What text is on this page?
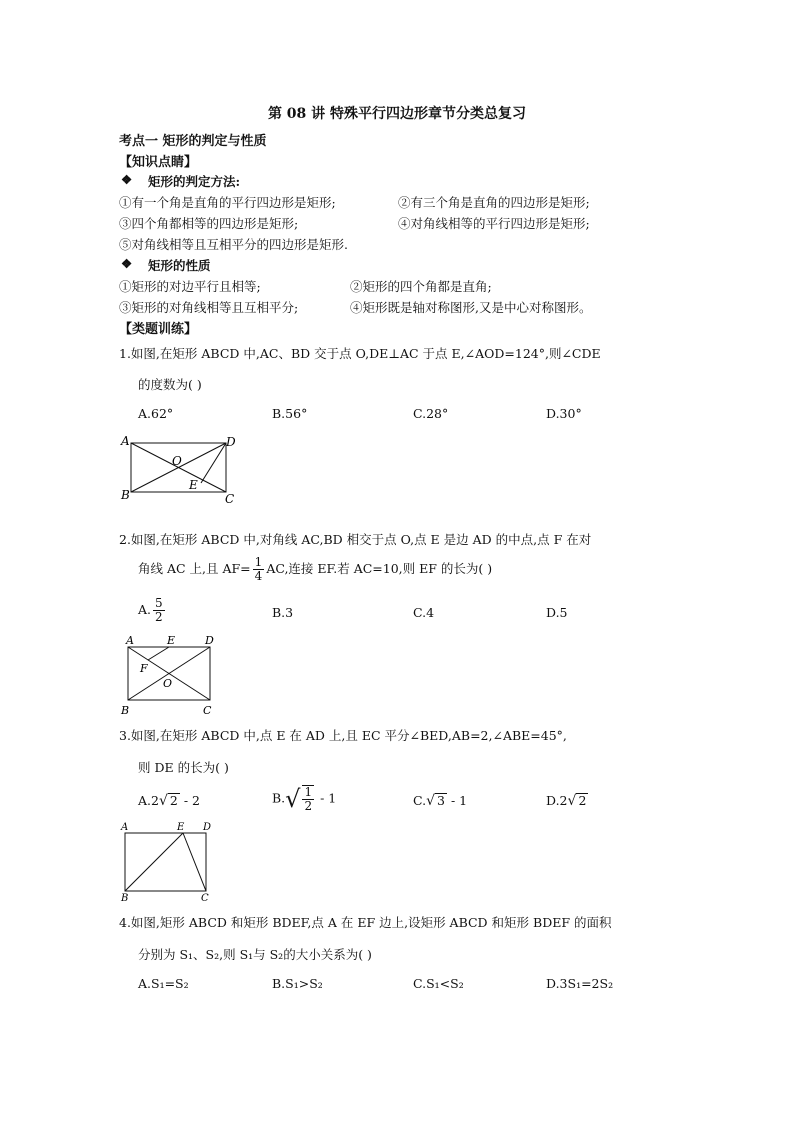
第 08 讲 特殊平行四边形章节分类总复习
考点一 矩形的判定与性质
【知识点睛】
❖ 矩形的判定方法:
①有一个角是直角的平行四边形是矩形;	②有三个角是直角的四边形是矩形;
③四个角都相等的四边形是矩形;	④对角线相等的平行四边形是矩形;
⑤对角线相等且互相平分的四边形是矩形.
❖ 矩形的性质
①矩形的对边平行且相等;	②矩形的四个角都是直角;
③矩形的对角线相等且互相平分;	④矩形既是轴对称图形,又是中心对称图形。
【类题训练】
1.如图,在矩形 ABCD 中,AC、BD 交于点 O,DE⊥AC 于点 E,∠AOD=124°,则∠CDE
的度数为( )
A.62°	B.56°	C.28°	D.30°
A	D
O
E
B	C
2.如图,在矩形 ABCD 中,对角线 AC,BD 相交于点 O,点 E 是边 AD 的中点,点 F 在对
角线 AC 上,且 $AF= \frac{1}{4}$ AC,连接 EF.若 AC=10,则 EF 的长为( )
A. $\frac{5}{2}$	B.3	C.4	D.5
A	E	D
F
O
B	C
3.如图,在矩形 ABCD 中,点 E 在 AD 上,且 EC 平分∠BED,AB=2,∠ABE=45°,
则 DE 的长为( )
A.2√ 2 - 2	$B.√ \frac{1}{2} - 1$	C.√ 3 - 1	D.2√ 2
A	E D
B	C
4.如图,矩形 ABCD 和矩形 BDEF,点 A 在 EF 边上,设矩形 ABCD 和矩形 BDEF 的面积
分别为 S₁、S₂,则 S₁与 S₂的大小关系为( )
A.S₁=S₂	B.S₁>S₂	C.S₁<S₂	D.3S₁=2S₂
